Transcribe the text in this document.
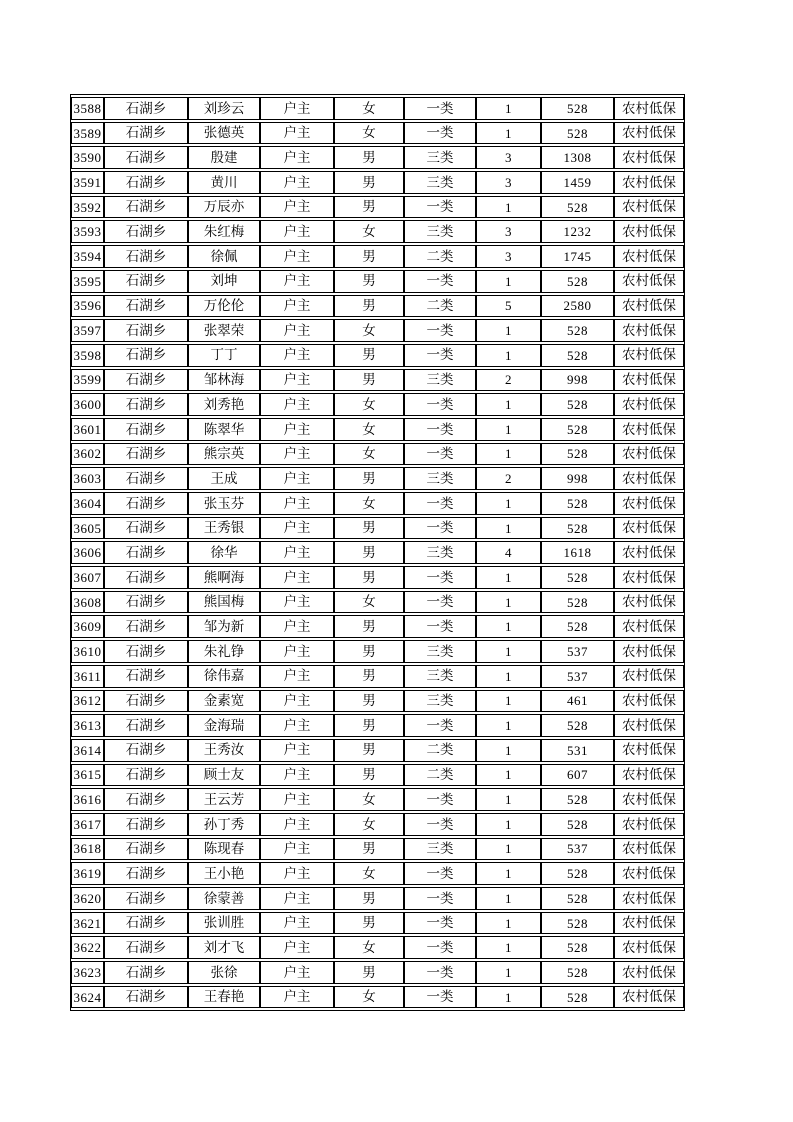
3588	石湖乡	刘珍云	户主	女	一类	1	528	农村低保
3589	石湖乡	张德英	户主	女	一类	1	528	农村低保
3590	石湖乡	殷建	户主	男	三类	3	1308	农村低保
3591	石湖乡	黄川	户主	男	三类	3	1459	农村低保
3592	石湖乡	万辰亦	户主	男	一类	1	528	农村低保
3593	石湖乡	朱红梅	户主	女	三类	3	1232	农村低保
3594	石湖乡	徐佩	户主	男	二类	3	1745	农村低保
3595	石湖乡	刘坤	户主	男	一类	1	528	农村低保
3596	石湖乡	万伦伦	户主	男	二类	5	2580	农村低保
3597	石湖乡	张翠荣	户主	女	一类	1	528	农村低保
3598	石湖乡	丁丁	户主	男	一类	1	528	农村低保
3599	石湖乡	邹林海	户主	男	三类	2	998	农村低保
3600	石湖乡	刘秀艳	户主	女	一类	1	528	农村低保
3601	石湖乡	陈翠华	户主	女	一类	1	528	农村低保
3602	石湖乡	熊宗英	户主	女	一类	1	528	农村低保
3603	石湖乡	王成	户主	男	三类	2	998	农村低保
3604	石湖乡	张玉芬	户主	女	一类	1	528	农村低保
3605	石湖乡	王秀银	户主	男	一类	1	528	农村低保
3606	石湖乡	徐华	户主	男	三类	4	1618	农村低保
3607	石湖乡	熊啊海	户主	男	一类	1	528	农村低保
3608	石湖乡	熊国梅	户主	女	一类	1	528	农村低保
3609	石湖乡	邹为新	户主	男	一类	1	528	农村低保
3610	石湖乡	朱礼铮	户主	男	三类	1	537	农村低保
3611	石湖乡	徐伟嘉	户主	男	三类	1	537	农村低保
3612	石湖乡	金素宽	户主	男	三类	1	461	农村低保
3613	石湖乡	金海瑞	户主	男	一类	1	528	农村低保
3614	石湖乡	王秀汝	户主	男	二类	1	531	农村低保
3615	石湖乡	顾士友	户主	男	二类	1	607	农村低保
3616	石湖乡	王云芳	户主	女	一类	1	528	农村低保
3617	石湖乡	孙丁秀	户主	女	一类	1	528	农村低保
3618	石湖乡	陈现春	户主	男	三类	1	537	农村低保
3619	石湖乡	王小艳	户主	女	一类	1	528	农村低保
3620	石湖乡	徐蒙善	户主	男	一类	1	528	农村低保
3621	石湖乡	张训胜	户主	男	一类	1	528	农村低保
3622	石湖乡	刘才飞	户主	女	一类	1	528	农村低保
3623	石湖乡	张徐	户主	男	一类	1	528	农村低保
3624	石湖乡	王春艳	户主	女	一类	1	528	农村低保
